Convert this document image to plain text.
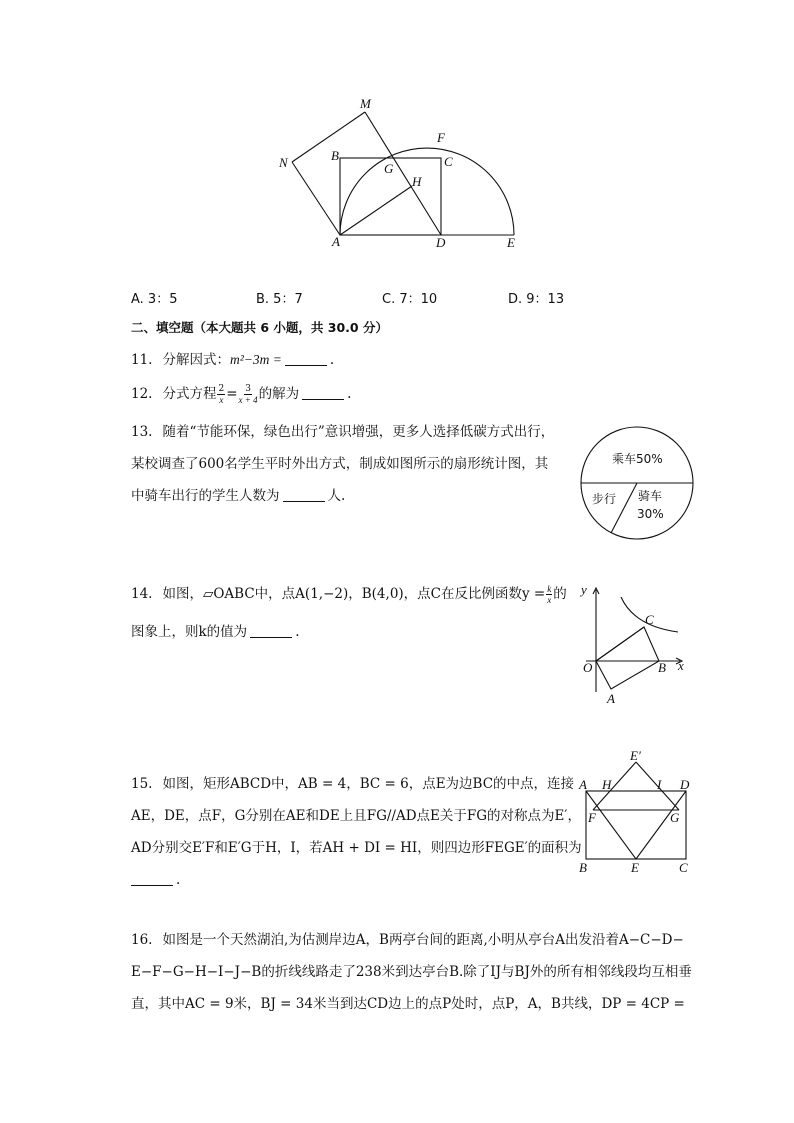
M
F
N	B	C
G
H
A	D	E
A. 3：5	B. 5：7	C. 7：10	D. 9：13
二、填空题（本大题共 6 小题，共 30.0 分）
11. 分解因式：m²−3m =	.
12. 分式方程 $\frac{2}{x} = \frac{3}{x + 4}$ 的解为	.
13. 随着“节能环保，绿色出行”意识增强，更多人选择低碳方式出行，
某校调查了600名学生平时外出方式，制成如图所示的扇形统计图，其
中骑车出行的学生人数为	人.
乘车50%
步行 骑车
30%
14. 如图，▱OABC中，点A(1,−2)，B(4,0)，点C在反比例函数$y = \frac{k}{x}$ 的
图象上，则k的值为	.
y
x
C
O	B
A
15. 如图，矩形ABCD中，AB = 4，BC = 6，点E为边BC的中点，连接
AE，DE，点F，G分别在AE和DE上且FG//AD点E关于FG的对称点为E′，
AD分别交E′F和E′G于H，I，若AH + DI = HI，则四边形FEGE′的面积为
.
E′
A H	I D
F	G
B	E	C
16. 如图是一个天然湖泊,为估测岸边A，B两亭台间的距离,小明从亭台A出发沿着A−C−D−
E−F−G−H−I−J−B的折线线路走了238米到达亭台B.除了IJ与BJ外的所有相邻线段均互相垂
直，其中AC = 9米，BJ = 34米当到达CD边上的点P处时，点P，A，B共线，DP = 4CP =
